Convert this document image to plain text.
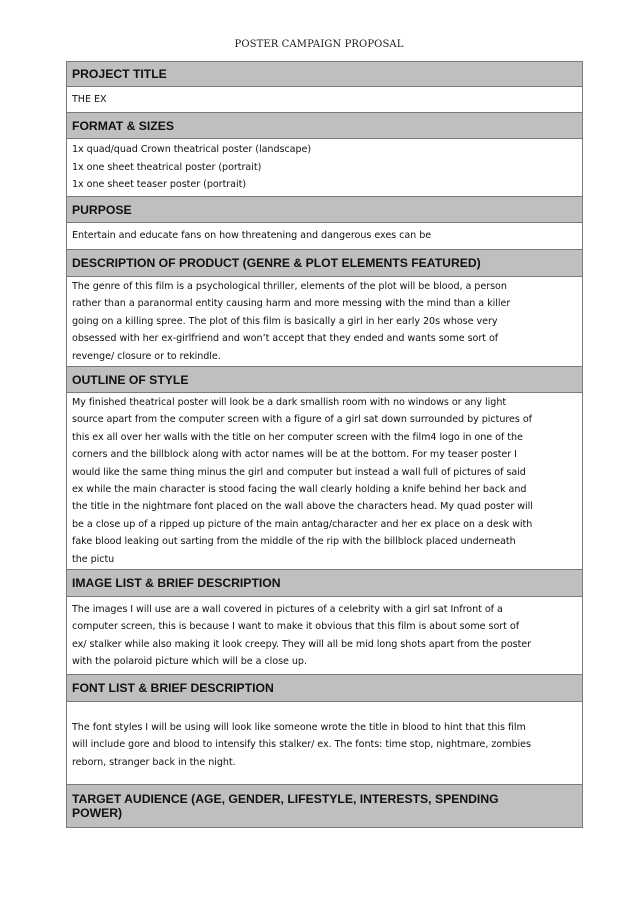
POSTER CAMPAIGN PROPOSAL
PROJECT TITLE

THE EX

FORMAT & SIZES

1x quad/quad Crown theatrical poster (landscape)
1x one sheet theatrical poster (portrait)
1x one sheet teaser poster (portrait)

PURPOSE

Entertain and educate fans on how threatening and dangerous exes can be

DESCRIPTION OF PRODUCT (GENRE & PLOT ELEMENTS FEATURED)

The genre of this film is a psychological thriller, elements of the plot will be blood, a person
rather than a paranormal entity causing harm and more messing with the mind than a killer
going on a killing spree. The plot of this film is basically a girl in her early 20s whose very
obsessed with her ex-girlfriend and won’t accept that they ended and wants some sort of
revenge/ closure or to rekindle.

OUTLINE OF STYLE

My finished theatrical poster will look be a dark smallish room with no windows or any light
source apart from the computer screen with a figure of a girl sat down surrounded by pictures of
this ex all over her walls with the title on her computer screen with the film4 logo in one of the
corners and the billblock along with actor names will be at the bottom. For my teaser poster I
would like the same thing minus the girl and computer but instead a wall full of pictures of said
ex while the main character is stood facing the wall clearly holding a knife behind her back and
the title in the nightmare font placed on the wall above the characters head. My quad poster will
be a close up of a ripped up picture of the main antag/character and her ex place on a desk with
fake blood leaking out sarting from the middle of the rip with the billblock placed underneath
the pictu

IMAGE LIST & BRIEF DESCRIPTION

The images I will use are a wall covered in pictures of a celebrity with a girl sat Infront of a
computer screen, this is because I want to make it obvious that this film is about some sort of
ex/ stalker while also making it look creepy. They will all be mid long shots apart from the poster
with the polaroid picture which will be a close up.

FONT LIST & BRIEF DESCRIPTION

The font styles I will be using will look like someone wrote the title in blood to hint that this film
will include gore and blood to intensify this stalker/ ex. The fonts: time stop, nightmare, zombies
reborn, stranger back in the night.

TARGET AUDIENCE (AGE, GENDER, LIFESTYLE, INTERESTS, SPENDING POWER)
